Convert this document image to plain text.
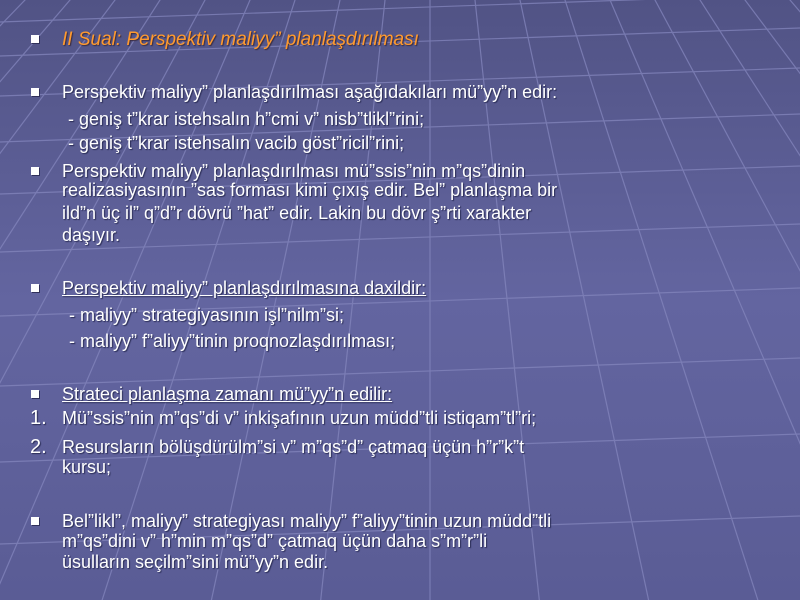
II Sual: Perspektiv maliyy” planlaşdırılması
Perspektiv maliyy” planlaşdırılması aşağıdakıları mü”yy”n edir:
- geniş t”krar istehsalın h”cmi v” nisb”tlikl”rini;
- geniş t”krar istehsalın vacib göst”ricil”rini;
Perspektiv maliyy” planlaşdırılması mü”ssis”nin m”qs”dinin
realizasiyasının ”sas forması kimi çıxış edir. Bel” planlaşma bir
ild”n üç il” q”d”r dövrü ”hat” edir. Lakin bu dövr ş”rti xarakter
daşıyır.
Perspektiv maliyy” planlaşdırılmasına daxildir:
- maliyy” strategiyasının işl”nilm”si;
- maliyy” f”aliyy”tinin proqnozlaşdırılması;
Strateci planlaşma zamanı mü”yy”n edilir:
1. Mü”ssis”nin m”qs”di v” inkişafının uzun müdd”tli istiqam”tl”ri;
2. Resursların bölüşdürülm”si v” m”qs”d” çatmaq üçün h”r”k”t
kursu;
Bel”likl”, maliyy” strategiyası maliyy” f”aliyy”tinin uzun müdd”tli
m”qs”dini v” h”min m”qs”d” çatmaq üçün daha s”m”r”li
üsulların seçilm”sini mü”yy”n edir.
